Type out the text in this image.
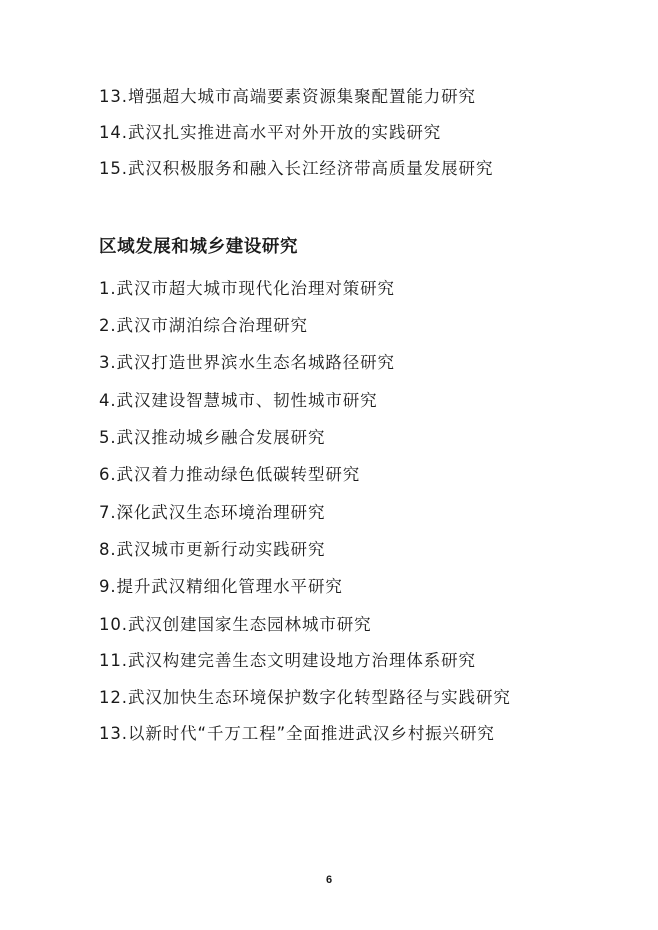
13.增强超大城市高端要素资源集聚配置能力研究
14.武汉扎实推进高水平对外开放的实践研究
15.武汉积极服务和融入长江经济带高质量发展研究
区域发展和城乡建设研究
1.武汉市超大城市现代化治理对策研究
2.武汉市湖泊综合治理研究
3.武汉打造世界滨水生态名城路径研究
4.武汉建设智慧城市、韧性城市研究
5.武汉推动城乡融合发展研究
6.武汉着力推动绿色低碳转型研究
7.深化武汉生态环境治理研究
8.武汉城市更新行动实践研究
9.提升武汉精细化管理水平研究
10.武汉创建国家生态园林城市研究
11.武汉构建完善生态文明建设地方治理体系研究
12.武汉加快生态环境保护数字化转型路径与实践研究
13.以新时代“千万工程”全面推进武汉乡村振兴研究
6
